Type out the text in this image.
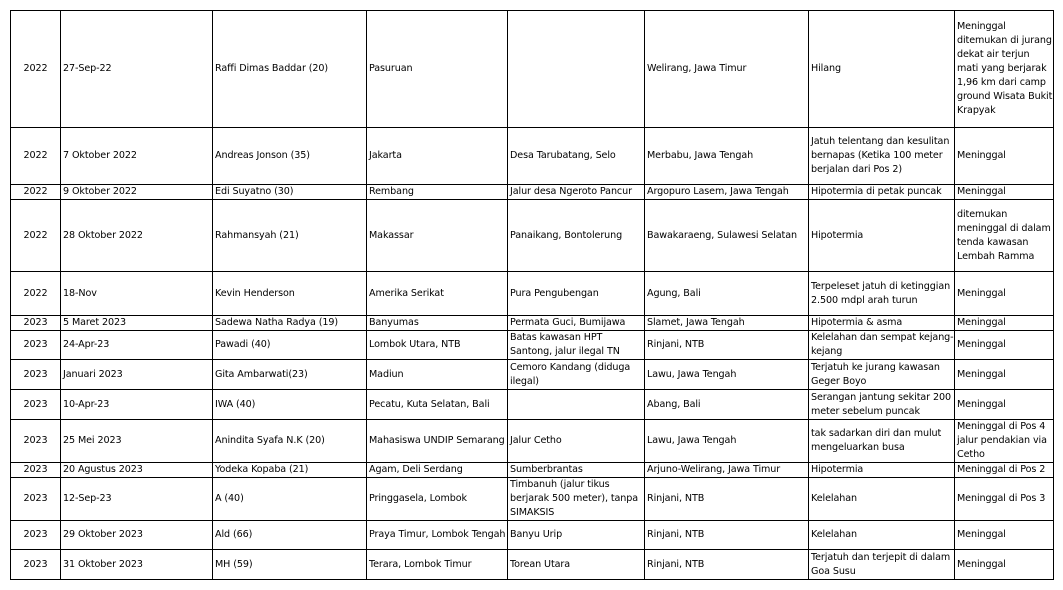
2022	27-Sep-22	Raffi Dimas Baddar (20)	Pasuruan		Welirang, Jawa Timur	Hilang	Meninggal ditemukan di jurang dekat air terjun mati yang berjarak 1,96 km dari camp ground Wisata Bukit Krapyak
2022	7 Oktober 2022	Andreas Jonson (35)	Jakarta	Desa Tarubatang, Selo	Merbabu, Jawa Tengah	Jatuh telentang dan kesulitan bernapas (Ketika 100 meter berjalan dari Pos 2)	Meninggal
2022	9 Oktober 2022	Edi Suyatno (30)	Rembang	Jalur desa Ngeroto Pancur	Argopuro Lasem, Jawa Tengah	Hipotermia di petak puncak	Meninggal
2022	28 Oktober 2022	Rahmansyah (21)	Makassar	Panaikang, Bontolerung	Bawakaraeng, Sulawesi Selatan	Hipotermia	ditemukan meninggal di dalam tenda kawasan Lembah Ramma
2022	18-Nov	Kevin Henderson	Amerika Serikat	Pura Pengubengan	Agung, Bali	Terpeleset jatuh di ketinggian 2.500 mdpl arah turun	Meninggal
2023	5 Maret 2023	Sadewa Natha Radya (19)	Banyumas	Permata Guci, Bumijawa	Slamet, Jawa Tengah	Hipotermia & asma	Meninggal
2023	24-Apr-23	Pawadi (40)	Lombok Utara, NTB	Batas kawasan HPT Santong, jalur ilegal TN	Rinjani, NTB	Kelelahan dan sempat kejang-kejang	Meninggal
2023	Januari 2023	Gita Ambarwati(23)	Madiun	Cemoro Kandang (diduga ilegal)	Lawu, Jawa Tengah	Terjatuh ke jurang kawasan Geger Boyo	Meninggal
2023	10-Apr-23	IWA (40)	Pecatu, Kuta Selatan, Bali		Abang, Bali	Serangan jantung sekitar 200 meter sebelum puncak	Meninggal
2023	25 Mei 2023	Anindita Syafa N.K (20)	Mahasiswa UNDIP Semarang	Jalur Cetho	Lawu, Jawa Tengah	tak sadarkan diri dan mulut mengeluarkan busa	Meninggal di Pos 4 jalur pendakian via Cetho
2023	20 Agustus 2023	Yodeka Kopaba (21)	Agam, Deli Serdang	Sumberbrantas	Arjuno-Welirang, Jawa Timur	Hipotermia	Meninggal di Pos 2
2023	12-Sep-23	A (40)	Pringgasela, Lombok	Timbanuh (jalur tikus berjarak 500 meter), tanpa SIMAKSIS	Rinjani, NTB	Kelelahan	Meninggal di Pos 3
2023	29 Oktober 2023	Ald (66)	Praya Timur, Lombok Tengah	Banyu Urip	Rinjani, NTB	Kelelahan	Meninggal
2023	31 Oktober 2023	MH (59)	Terara, Lombok Timur	Torean Utara	Rinjani, NTB	Terjatuh dan terjepit di dalam Goa Susu	Meninggal
